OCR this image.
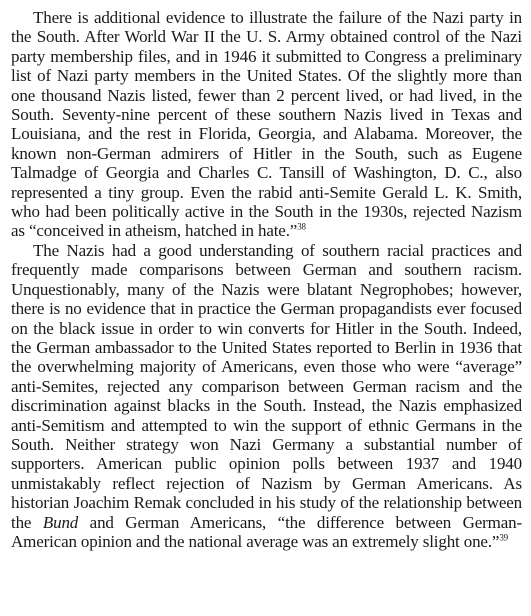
There is additional evidence to illustrate the failure of the Nazi party in the South. After World War II the U. S. Army obtained control of the Nazi party membership files, and in 1946 it submitted to Congress a preliminary list of Nazi party members in the United States. Of the slightly more than one thousand Nazis listed, fewer than 2 percent lived, or had lived, in the South. Seventy-nine percent of these southern Nazis lived in Texas and Louisiana, and the rest in Florida, Georgia, and Alabama. Moreover, the known non-German admirers of Hitler in the South, such as Eugene Talmadge of Georgia and Charles C. Tansill of Washington, D. C., also represented a tiny group. Even the rabid anti-Semite Gerald L. K. Smith, who had been politically active in the South in the 1930s, rejected Nazism as “conceived in atheism, hatched in hate.”$^{38}$

The Nazis had a good understanding of southern racial practices and frequently made comparisons between German and southern racism. Unquestionably, many of the Nazis were blatant Negrophobes; however, there is no evidence that in practice the German propagandists ever focused on the black issue in order to win converts for Hitler in the South. Indeed, the German ambassador to the United States reported to Berlin in 1936 that the overwhelming majority of Americans, even those who were “average” anti-Semites, rejected any comparison between German racism and the discrimination against blacks in the South. Instead, the Nazis emphasized anti-Semitism and attempted to win the support of ethnic Germans in the South. Neither strategy won Nazi Germany a substantial number of supporters. American public opinion polls between 1937 and 1940 unmistakably reflect rejection of Nazism by German Americans. As historian Joachim Remak concluded in his study of the relationship between the Bund and German Americans, “the difference between German-American opinion and the national average was an extremely slight one.”$^{39}$
